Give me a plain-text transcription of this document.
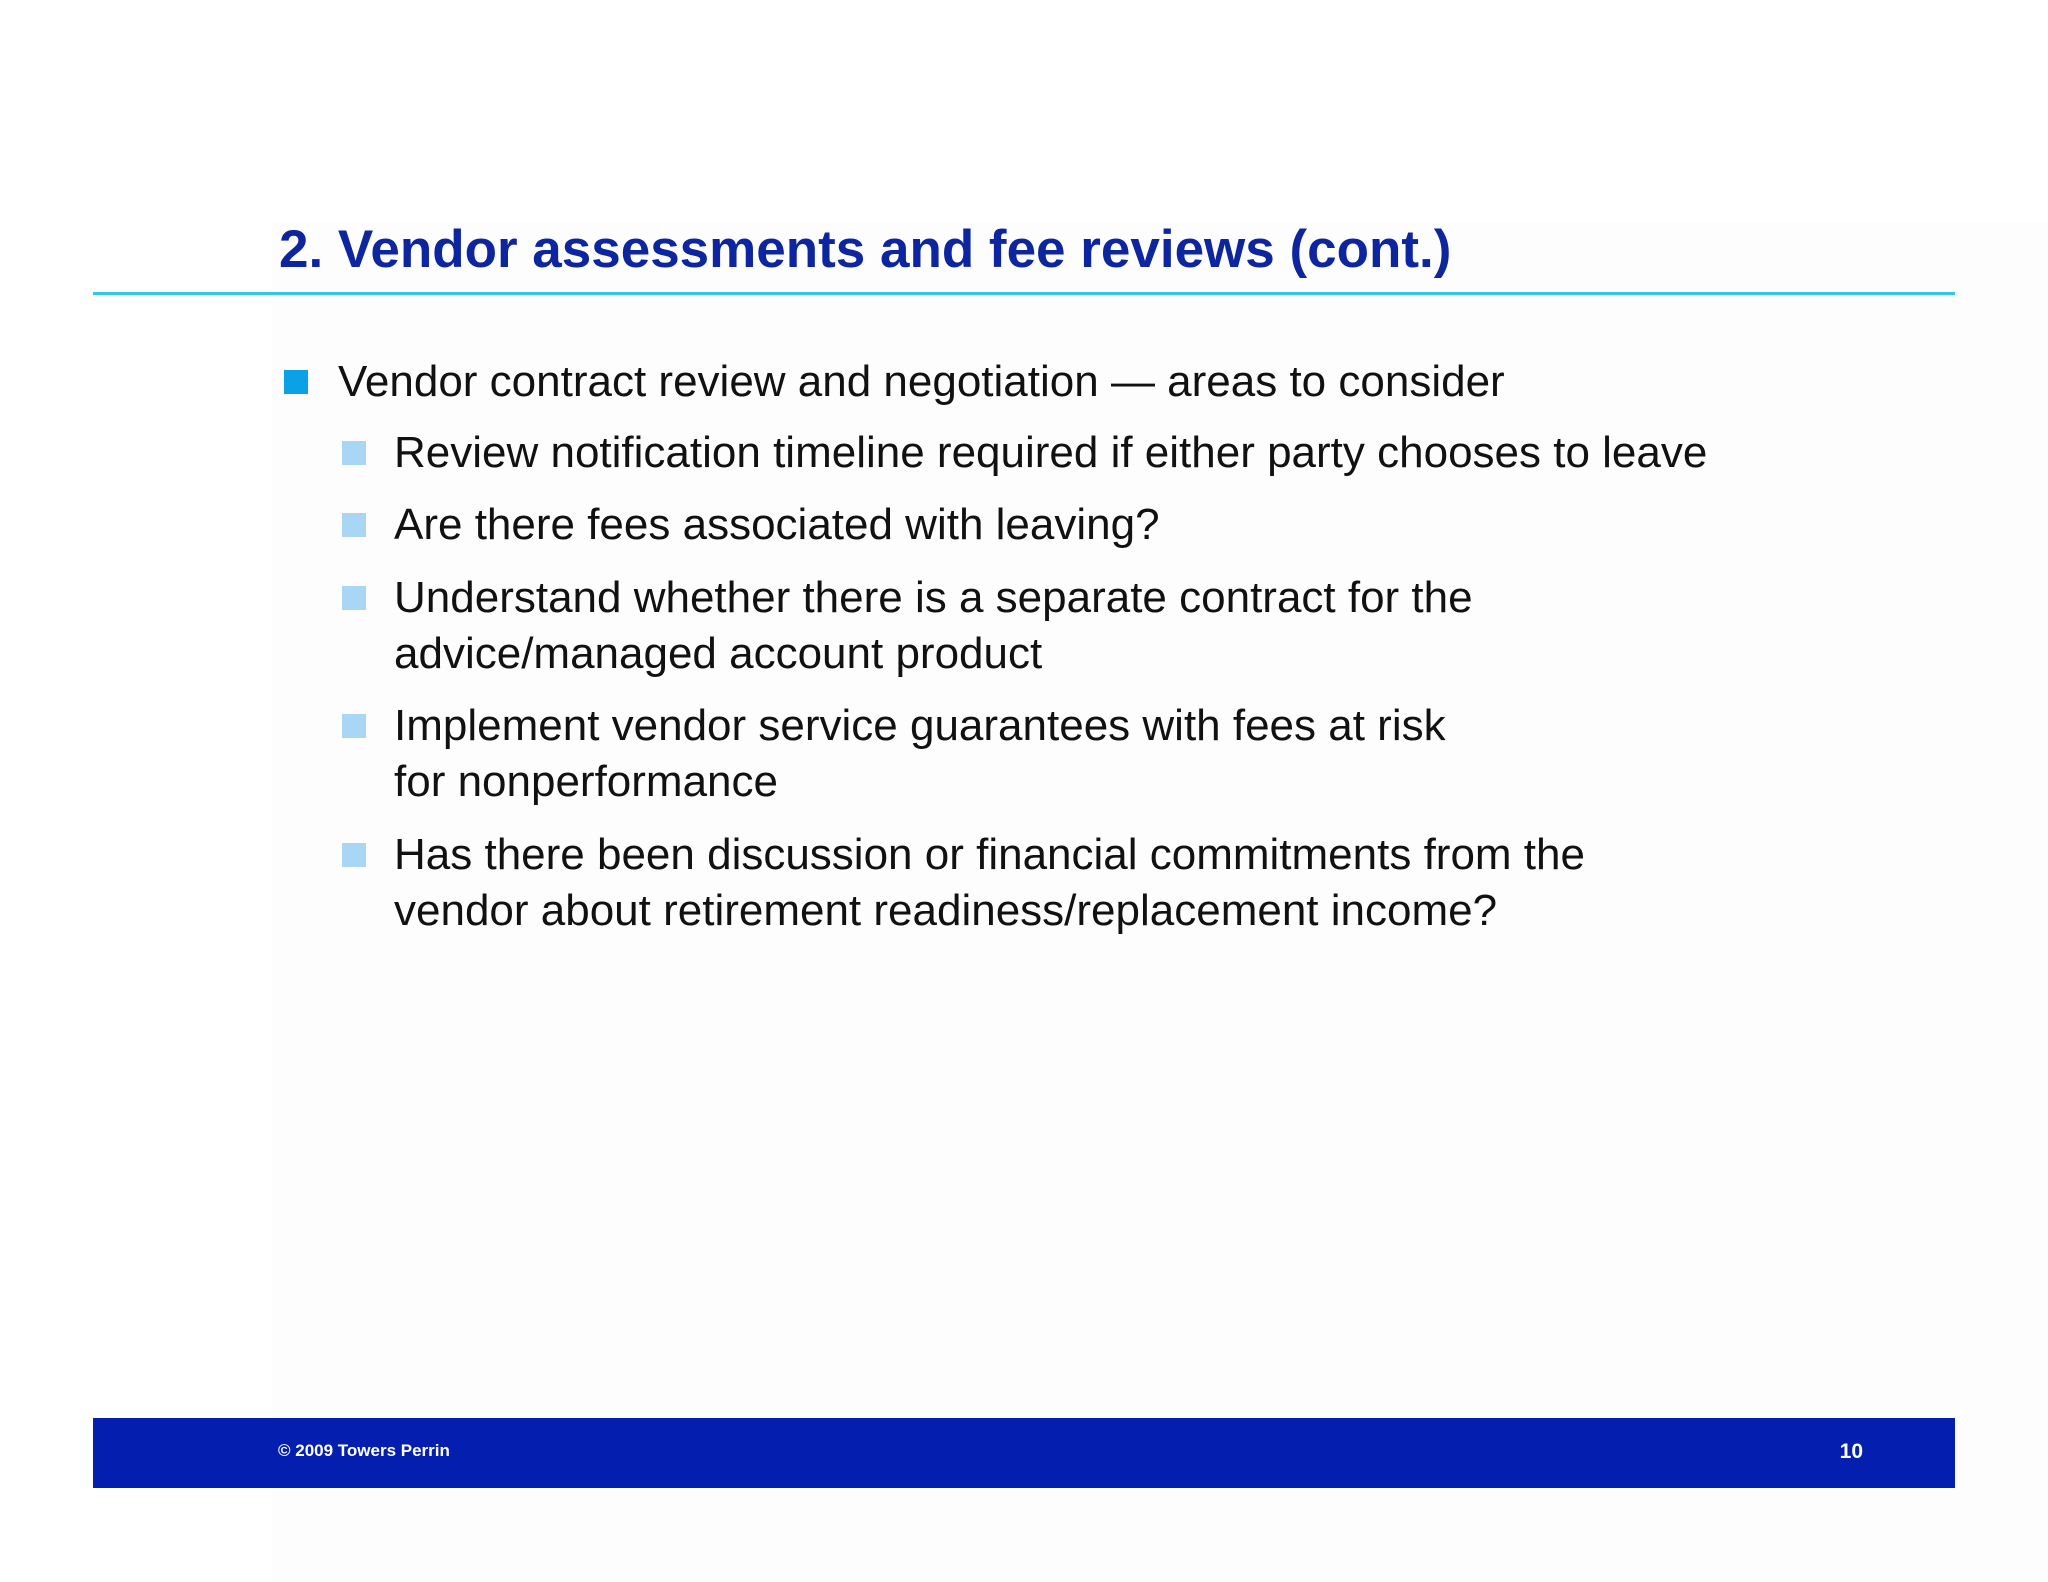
2. Vendor assessments and fee reviews (cont.)
Vendor contract review and negotiation — areas to consider
Review notification timeline required if either party chooses to leave
Are there fees associated with leaving?
Understand whether there is a separate contract for the
advice/managed account product
Implement vendor service guarantees with fees at risk
for nonperformance
Has there been discussion or financial commitments from the
vendor about retirement readiness/replacement income?
© 2009 Towers Perrin	10
